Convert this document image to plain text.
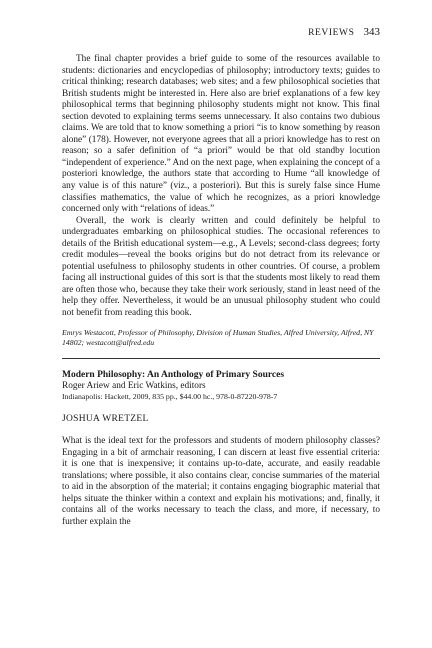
REVIEWS 343

The final chapter provides a brief guide to some of the resources available to students: dictionaries and encyclopedias of philosophy; introductory texts; guides to critical thinking; research databases; web sites; and a few philosophical societies that British students might be interested in. Here also are brief explanations of a few key philosophical terms that beginning philosophy students might not know. This final section devoted to explaining terms seems unnecessary. It also contains two dubious claims. We are told that to know something a priori “is to know something by reason alone” (178). However, not everyone agrees that all a priori knowledge has to rest on reason; so a safer definition of “a priori” would be that old standby locution “independent of experience.” And on the next page, when explaining the concept of a posteriori knowledge, the authors state that according to Hume “all knowledge of any value is of this nature” (viz., a posteriori). But this is surely false since Hume classifies mathematics, the value of which he recognizes, as a priori knowledge concerned only with “relations of ideas.”

Overall, the work is clearly written and could definitely be helpful to undergraduates embarking on philosophical studies. The occasional references to details of the British educational system—e.g., A Levels; second-class degrees; forty credit modules—reveal the books origins but do not detract from its relevance or potential usefulness to philosophy students in other countries. Of course, a problem facing all instructional guides of this sort is that the students most likely to read them are often those who, because they take their work seriously, stand in least need of the help they offer. Nevertheless, it would be an unusual philosophy student who could not benefit from reading this book.

Emrys Westacott, Professor of Philosophy, Division of Human Studies, Alfred University, Alfred, NY 14802; westacott@alfred.edu
Modern Philosophy: An Anthology of Primary Sources
Roger Ariew and Eric Watkins, editors
Indianapolis: Hackett, 2009, 835 pp., $44.00 hc., 978-0-87220-978-7
JOSHUA WRETZEL

What is the ideal text for the professors and students of modern philosophy classes? Engaging in a bit of armchair reasoning, I can discern at least five essential criteria: it is one that is inexpensive; it contains up-to-date, accurate, and easily readable translations; where possible, it also contains clear, concise summaries of the material to aid in the absorption of the material; it contains engaging biographic material that helps situate the thinker within a context and explain his motivations; and, finally, it contains all of the works necessary to teach the class, and more, if necessary, to further explain the
